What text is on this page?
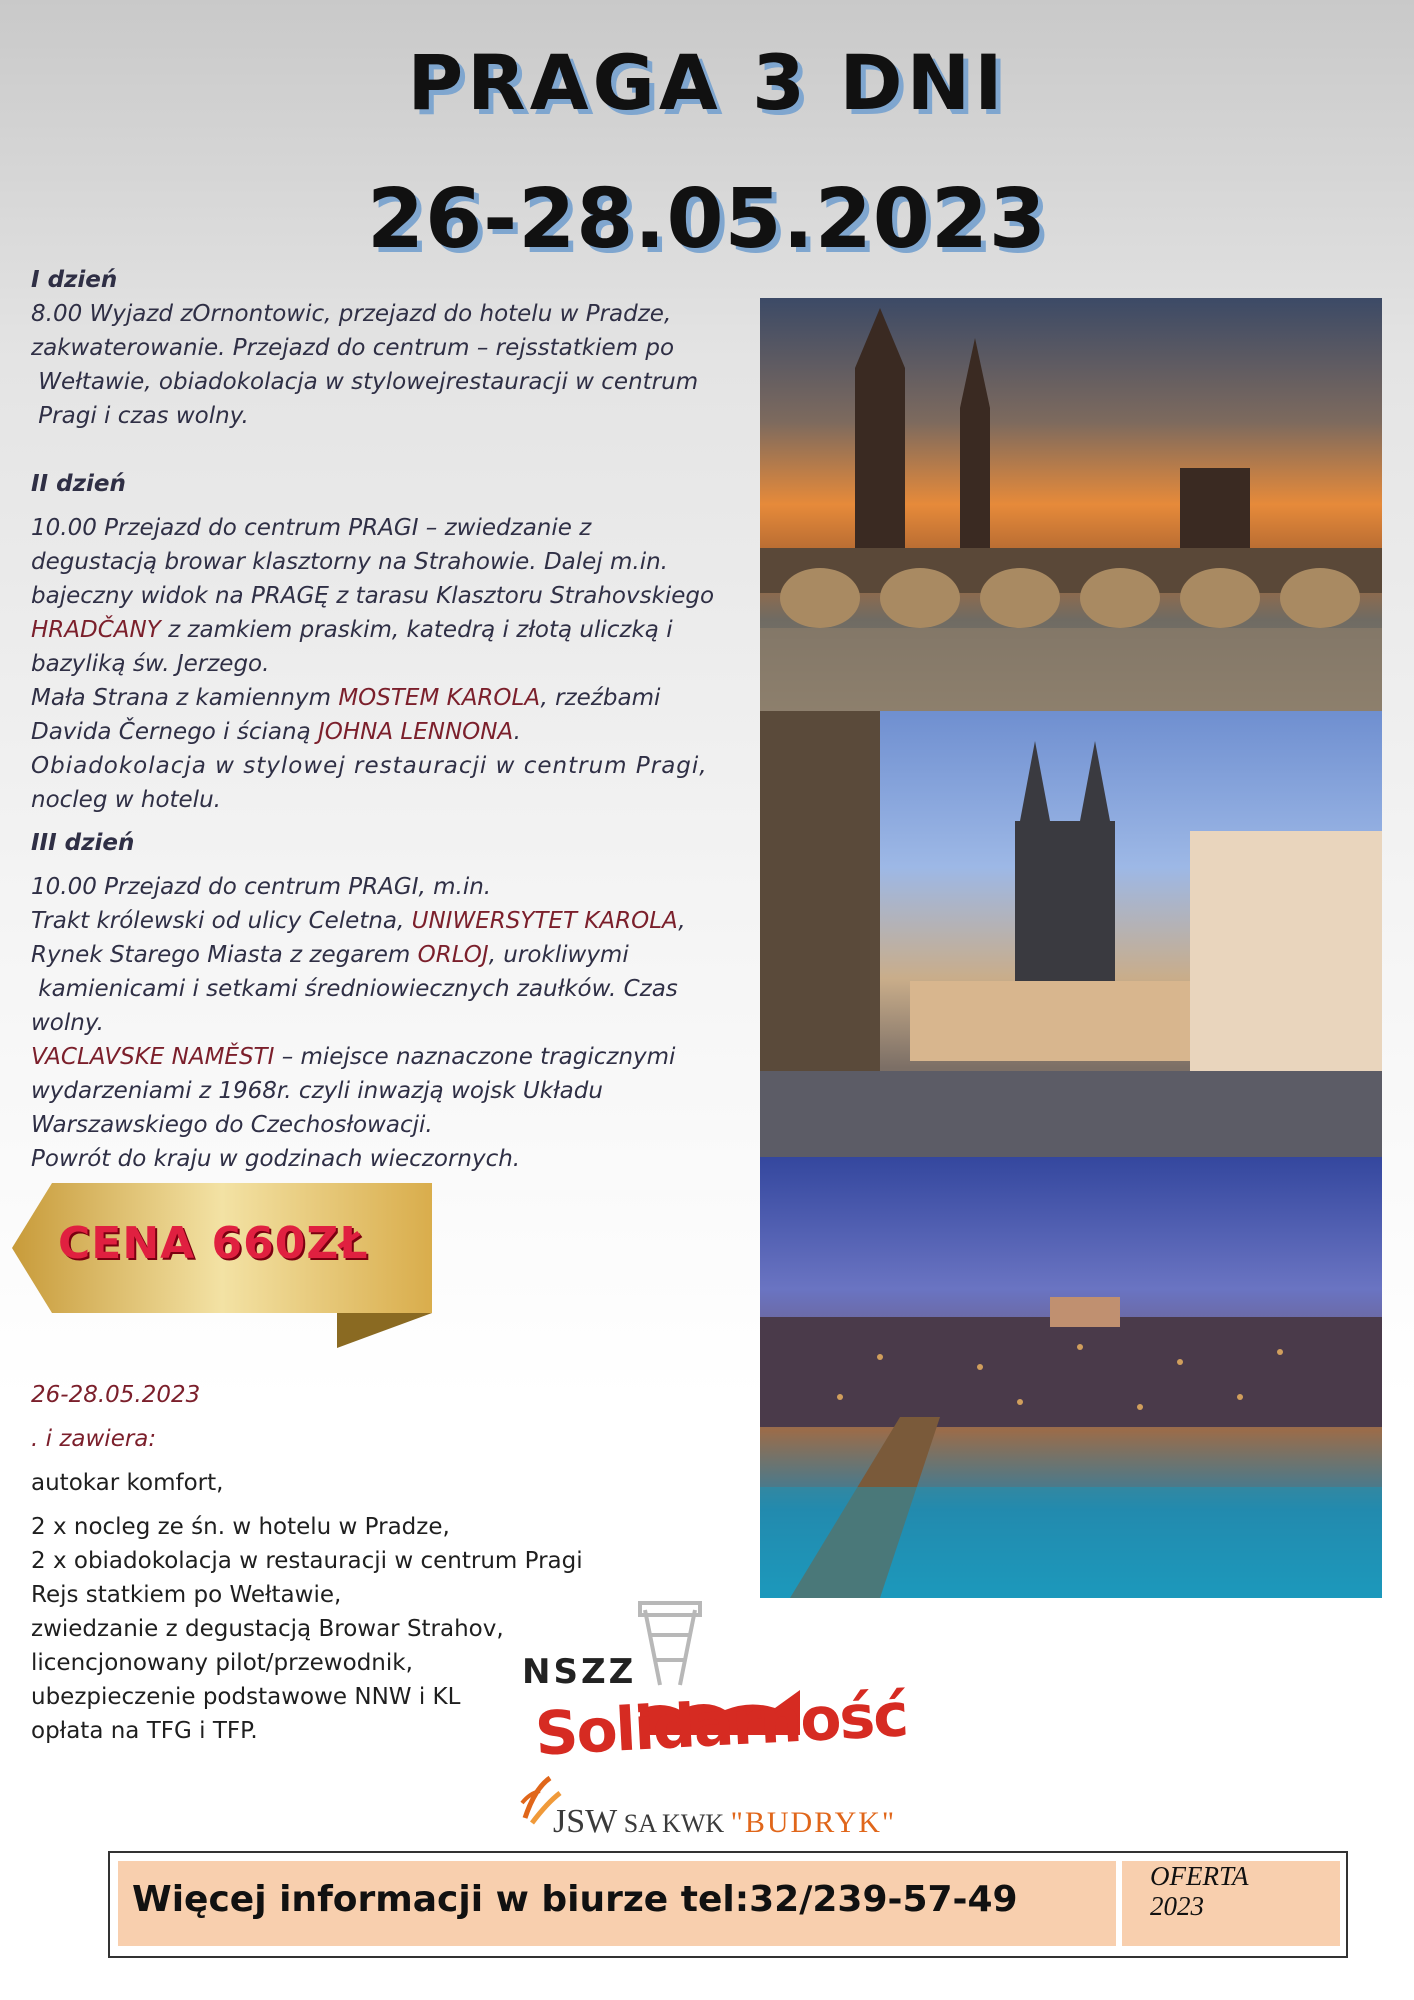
PRAGA 3 DNI
26-28.05.2023

I dzień

8.00 Wyjazd zOrnontowic, przejazd do hotelu w Pradze,

zakwaterowanie. Przejazd do centrum – rejsstatkiem po

Wełtawie, obiadokolacja w stylowejrestauracji w centrum

Pragi i czas wolny.

II dzień

10.00 Przejazd do centrum PRAGI – zwiedzanie z

degustacją browar klasztorny na Strahowie. Dalej m.in.

bajeczny widok na PRAGĘ z tarasu Klasztoru Strahovskiego

HRADČANY z zamkiem praskim, katedrą i złotą uliczką i

bazyliką św. Jerzego.

Mała Strana z kamiennym MOSTEM KAROLA, rzeźbami

Davida Černego i ścianą JOHNA LENNONA.

Obiadokolacja w stylowej restauracji w centrum Pragi,

nocleg w hotelu.

III dzień

10.00 Przejazd do centrum PRAGI, m.in.

Trakt królewski od ulicy Celetna, UNIWERSYTET KAROLA,

Rynek Starego Miasta z zegarem ORLOJ, urokliwymi

kamienicami i setkami średniowiecznych zaułków. Czas

wolny.

VACLAVSKE NAMĚSTI – miejsce naznaczone tragicznymi

wydarzeniami z 1968r. czyli inwazją wojsk Układu

Warszawskiego do Czechosłowacji.

Powrót do kraju w godzinach wieczornych.

CENA 660ZŁ

26-28.05.2023

. i zawiera:

autokar komfort,

2 x nocleg ze śn. w hotelu w Pradze,

2 x obiadokolacja w restauracji w centrum Pragi

Rejs statkiem po Wełtawie,

zwiedzanie z degustacją Browar Strahov,

licencjonowany pilot/przewodnik,

ubezpieczenie podstawowe NNW i KL

opłata na TFG i TFP.

NSZZ
Solidarność
JSW SA KWK "BUDRYK"
Więcej informacji w biurze tel:32/239-57-49
OFERTA
2023
